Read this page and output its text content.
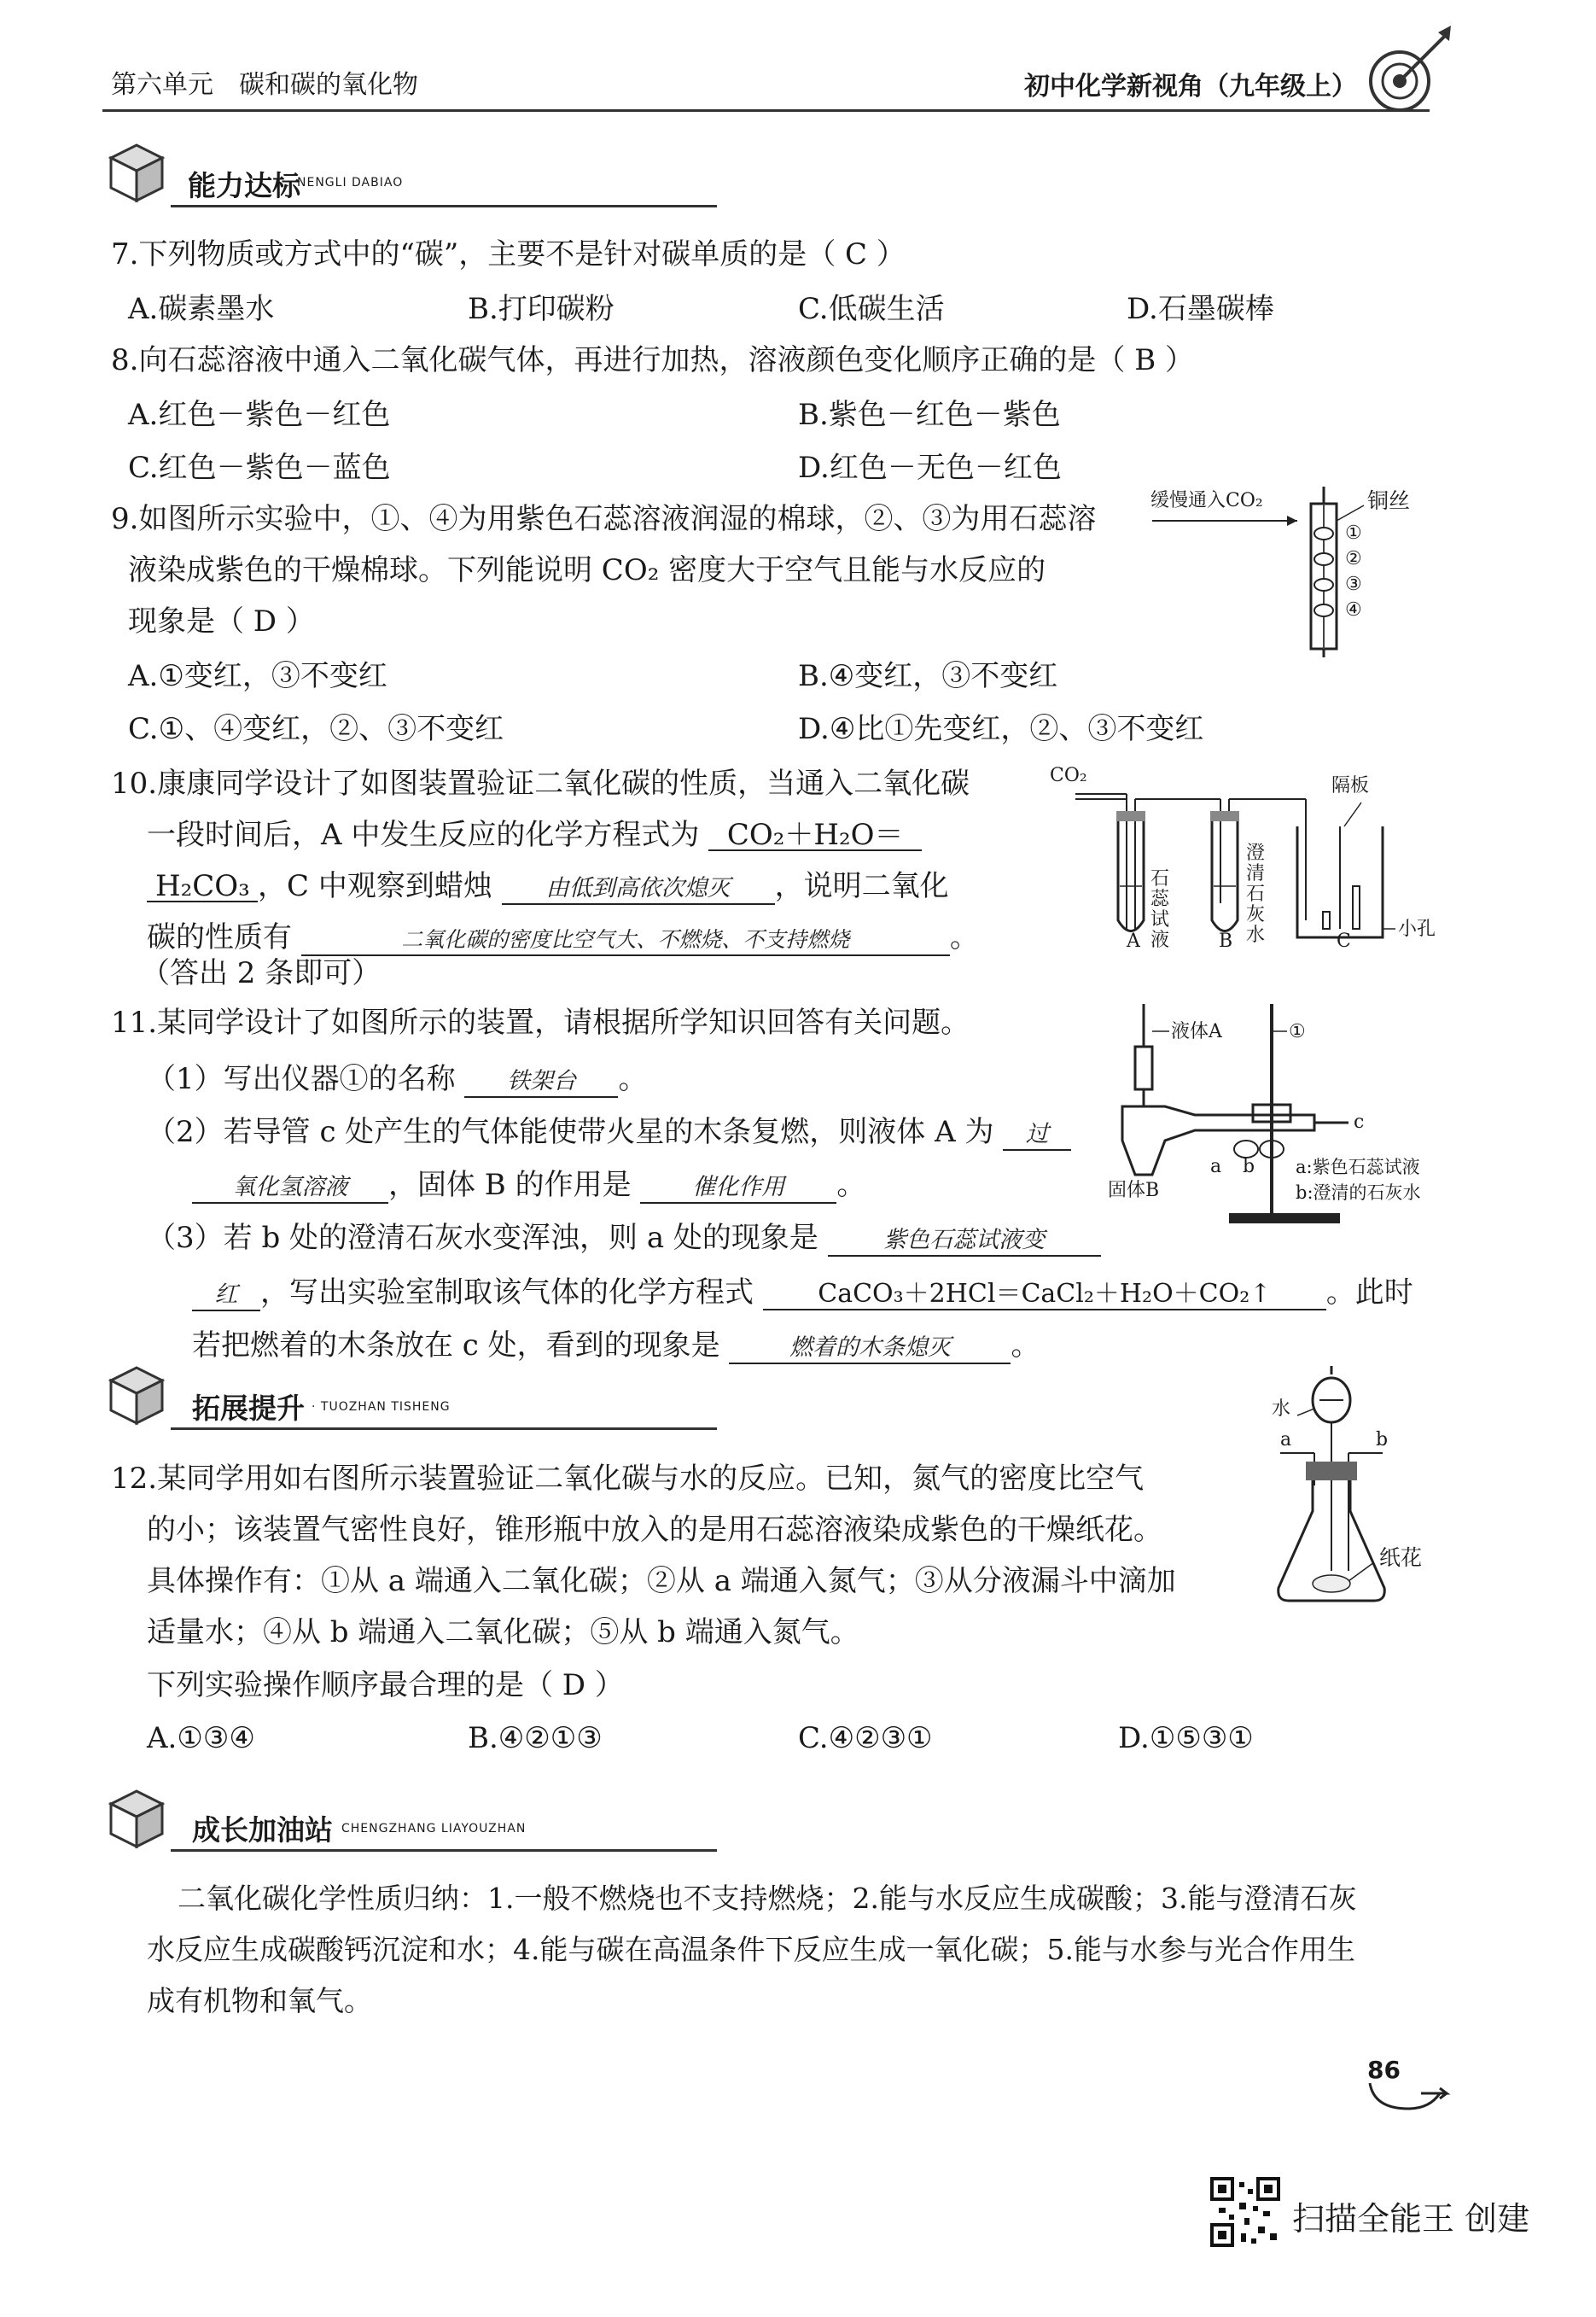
第六单元　碳和碳的氧化物	初中化学新视角（九年级上）
能力达标
NENGLI DABIAO
7.下列物质或方式中的“碳”，主要不是针对碳单质的是（ C ）
A.碳素墨水	B.打印碳粉	C.低碳生活	D.石墨碳棒
8.向石蕊溶液中通入二氧化碳气体，再进行加热，溶液颜色变化顺序正确的是（ B ）
A.红色－紫色－红色	B.紫色－红色－紫色
C.红色－紫色－蓝色	D.红色－无色－红色
9.如图所示实验中，①、④为用紫色石蕊溶液润湿的棉球，②、③为用石蕊溶
液染成紫色的干燥棉球。下列能说明 CO₂ 密度大于空气且能与水反应的
现象是（ D ）
A.①变红，③不变红	B.④变红，③不变红
C.①、④变红，②、③不变红	D.④比①先变红，②、③不变红
缓慢通入CO₂	铜丝
①
②
③
④
10.康康同学设计了如图装置验证二氧化碳的性质，当通入二氧化碳
一段时间后，A 中发生反应的化学方程式为 CO₂＋H₂O＝
H₂CO₃ ，C 中观察到蜡烛 由低到高依次熄灭 ，说明二氧化
碳的性质有	二氧化碳的密度比空气大、不燃烧、不支持燃烧	。
（答出 2 条即可）
CO₂	隔板
石蕊试液
澄清石灰水	小孔
A	B	C
11.某同学设计了如图所示的装置，请根据所学知识回答有关问题。
（1）写出仪器①的名称 铁架台 。
（2）若导管 c 处产生的气体能使带火星的木条复燃，则液体 A 为 过
氧化氢溶液 ，固体 B 的作用是	催化作用 。
（3）若 b 处的澄清石灰水变浑浊，则 a 处的现象是	紫色石蕊试液变
红 ，写出实验室制取该气体的化学方程式	CaCO₃＋2HCl＝CaCl₂＋H₂O＋CO₂↑ 。此时
若把燃着的木条放在 c 处，看到的现象是	燃着的木条熄灭 。
液体A	①
c
a b
固体B
a:紫色石蕊试液
b:澄清的石灰水
拓展提升 · TUOZHAN TISHENG
12.某同学用如右图所示装置验证二氧化碳与水的反应。已知，氮气的密度比空气
的小；该装置气密性良好，锥形瓶中放入的是用石蕊溶液染成紫色的干燥纸花。
具体操作有：①从 a 端通入二氧化碳；②从 a 端通入氮气；③从分液漏斗中滴加
适量水；④从 b 端通入二氧化碳；⑤从 b 端通入氮气。
下列实验操作顺序最合理的是（ D ）
A.①③④	B.④②①③	C.④②③①	D.①⑤③①
水
a	b
纸花
成长加油站 CHENGZHANG LIAYOUZHAN
二氧化碳化学性质归纳：1.一般不燃烧也不支持燃烧；2.能与水反应生成碳酸；3.能与澄清石灰
水反应生成碳酸钙沉淀和水；4.能与碳在高温条件下反应生成一氧化碳；5.能与水参与光合作用生
成有机物和氧气。
86
扫描全能王 创建
